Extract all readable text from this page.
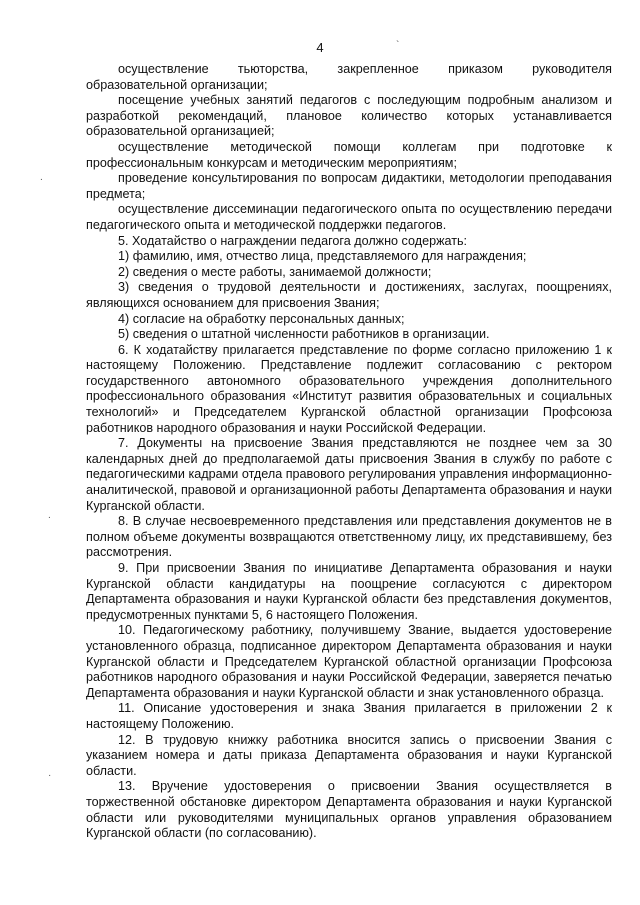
4	`
.
.
·

осуществление тьюторства, закрепленное приказом руководителя образовательной организации;

посещение учебных занятий педагогов с последующим подробным анализом и разработкой рекомендаций, плановое количество которых устанавливается образовательной организацией;

осуществление методической помощи коллегам при подготовке к профессиональным конкурсам и методическим мероприятиям;

проведение консультирования по вопросам дидактики, методологии преподавания предмета;

осуществление диссеминации педагогического опыта по осуществлению передачи педагогического опыта и методической поддержки педагогов.

5. Ходатайство о награждении педагога должно содержать:

1) фамилию, имя, отчество лица, представляемого для награждения;

2) сведения о месте работы, занимаемой должности;

3) сведения о трудовой деятельности и достижениях, заслугах, поощрениях, являющихся основанием для присвоения Звания;

4) согласие на обработку персональных данных;

5) сведения о штатной численности работников в организации.

6. К ходатайству прилагается представление по форме согласно приложению 1 к настоящему Положению. Представление подлежит согласованию с ректором государственного автономного образовательного учреждения дополнительного профессионального образования «Институт развития образовательных и социальных технологий» и Председателем Курганской областной организации Профсоюза работников народного образования и науки Российской Федерации.

7. Документы на присвоение Звания представляются не позднее чем за 30 календарных дней до предполагаемой даты присвоения Звания в службу по работе с педагогическими кадрами отдела правового регулирования управления информационно-аналитической, правовой и организационной работы Департамента образования и науки Курганской области.

8. В случае несвоевременного представления или представления документов не в полном объеме документы возвращаются ответственному лицу, их представившему, без рассмотрения.

9. При присвоении Звания по инициативе Департамента образования и науки Курганской области кандидатуры на поощрение согласуются с директором Департамента образования и науки Курганской области без представления документов, предусмотренных пунктами 5, 6 настоящего Положения.

10. Педагогическому работнику, получившему Звание, выдается удостоверение установленного образца, подписанное директором Департамента образования и науки Курганской области и Председателем Курганской областной организации Профсоюза работников народного образования и науки Российской Федерации, заверяется печатью Департамента образования и науки Курганской области и знак установленного образца.

11. Описание удостоверения и знака Звания прилагается в приложении 2 к настоящему Положению.

12. В трудовую книжку работника вносится запись о присвоении Звания с указанием номера и даты приказа Департамента образования и науки Курганской области.

13. Вручение удостоверения о присвоении Звания осуществляется в торжественной обстановке директором Департамента образования и науки Курганской области или руководителями муниципальных органов управления образованием Курганской области (по согласованию).
